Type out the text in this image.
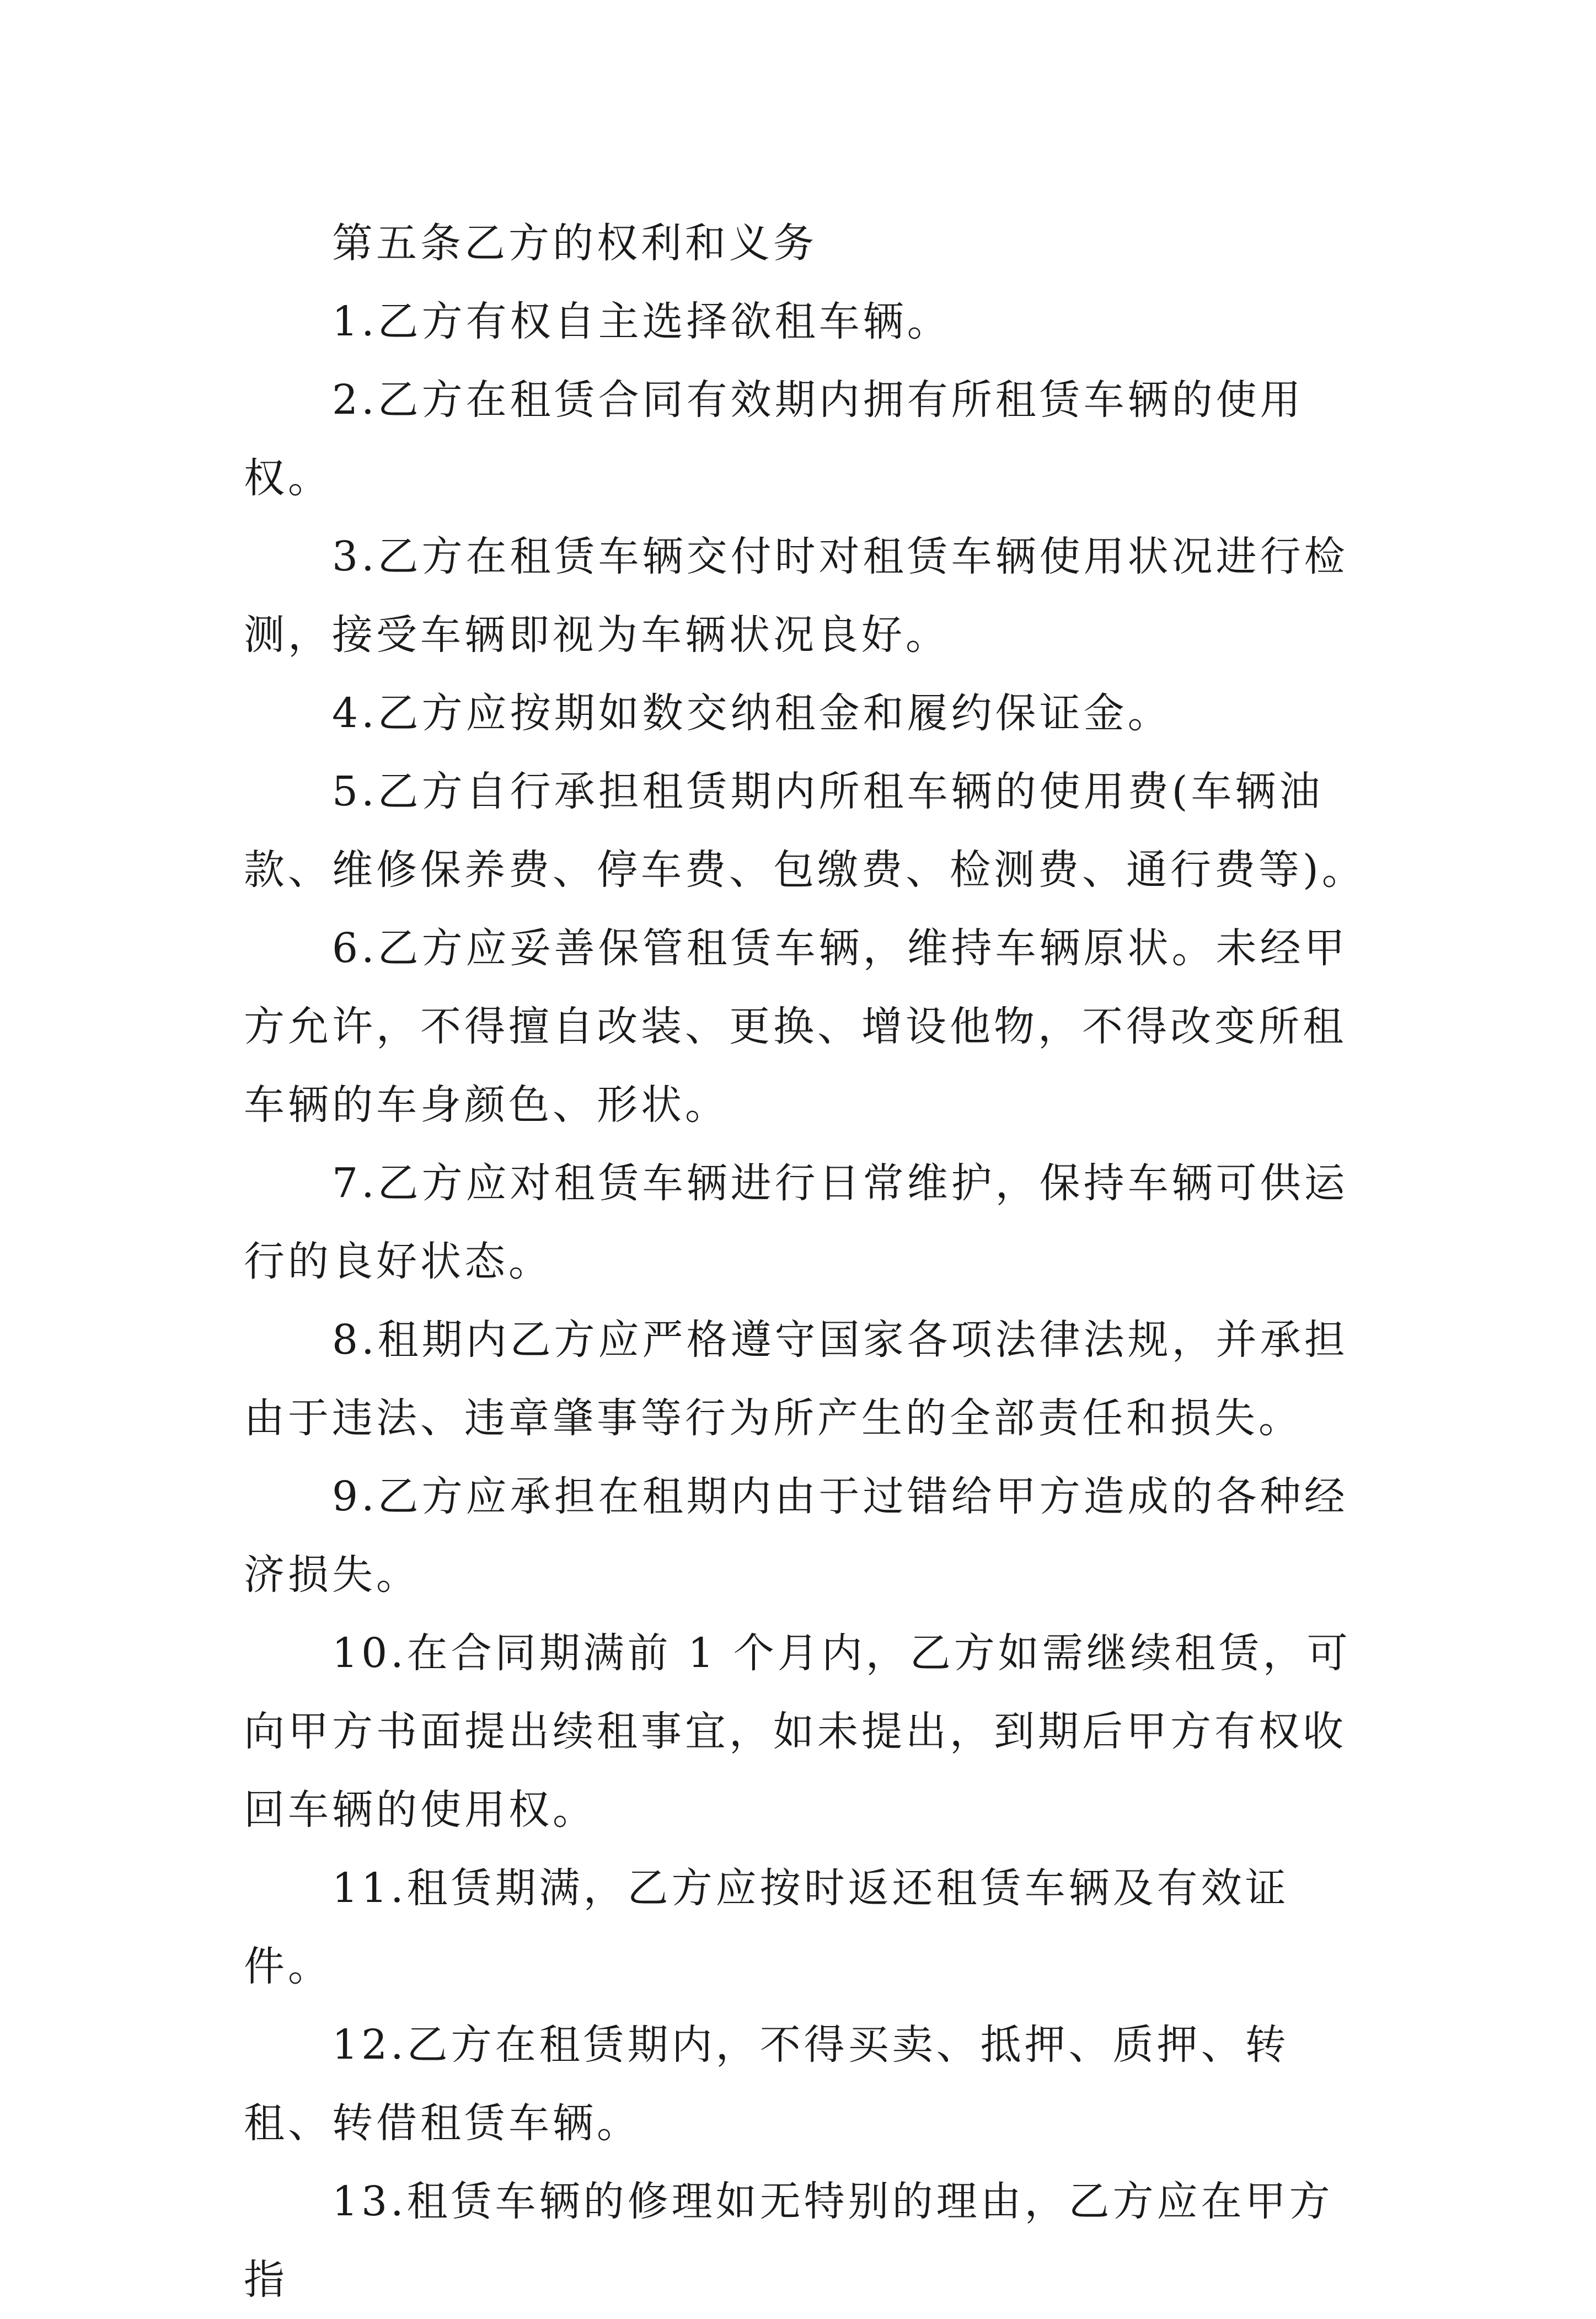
第五条乙方的权利和义务

1.乙方有权自主选择欲租车辆。

2.乙方在租赁合同有效期内拥有所租赁车辆的使用权。

3.乙方在租赁车辆交付时对租赁车辆使用状况进行检测，接受车辆即视为车辆状况良好。

4.乙方应按期如数交纳租金和履约保证金。

5.乙方自行承担租赁期内所租车辆的使用费(车辆油款、维修保养费、停车费、包缴费、检测费、通行费等)。

6.乙方应妥善保管租赁车辆，维持车辆原状。未经甲方允许，不得擅自改装、更换、增设他物，不得改变所租车辆的车身颜色、形状。

7.乙方应对租赁车辆进行日常维护，保持车辆可供运行的良好状态。

8.租期内乙方应严格遵守国家各项法律法规，并承担由于违法、违章肇事等行为所产生的全部责任和损失。

9.乙方应承担在租期内由于过错给甲方造成的各种经济损失。

10.在合同期满前 1 个月内，乙方如需继续租赁，可向甲方书面提出续租事宜，如未提出，到期后甲方有权收回车辆的使用权。

11.租赁期满，乙方应按时返还租赁车辆及有效证件。

12.乙方在租赁期内，不得买卖、抵押、质押、转租、转借租赁车辆。

13.租赁车辆的修理如无特别的理由，乙方应在甲方指
